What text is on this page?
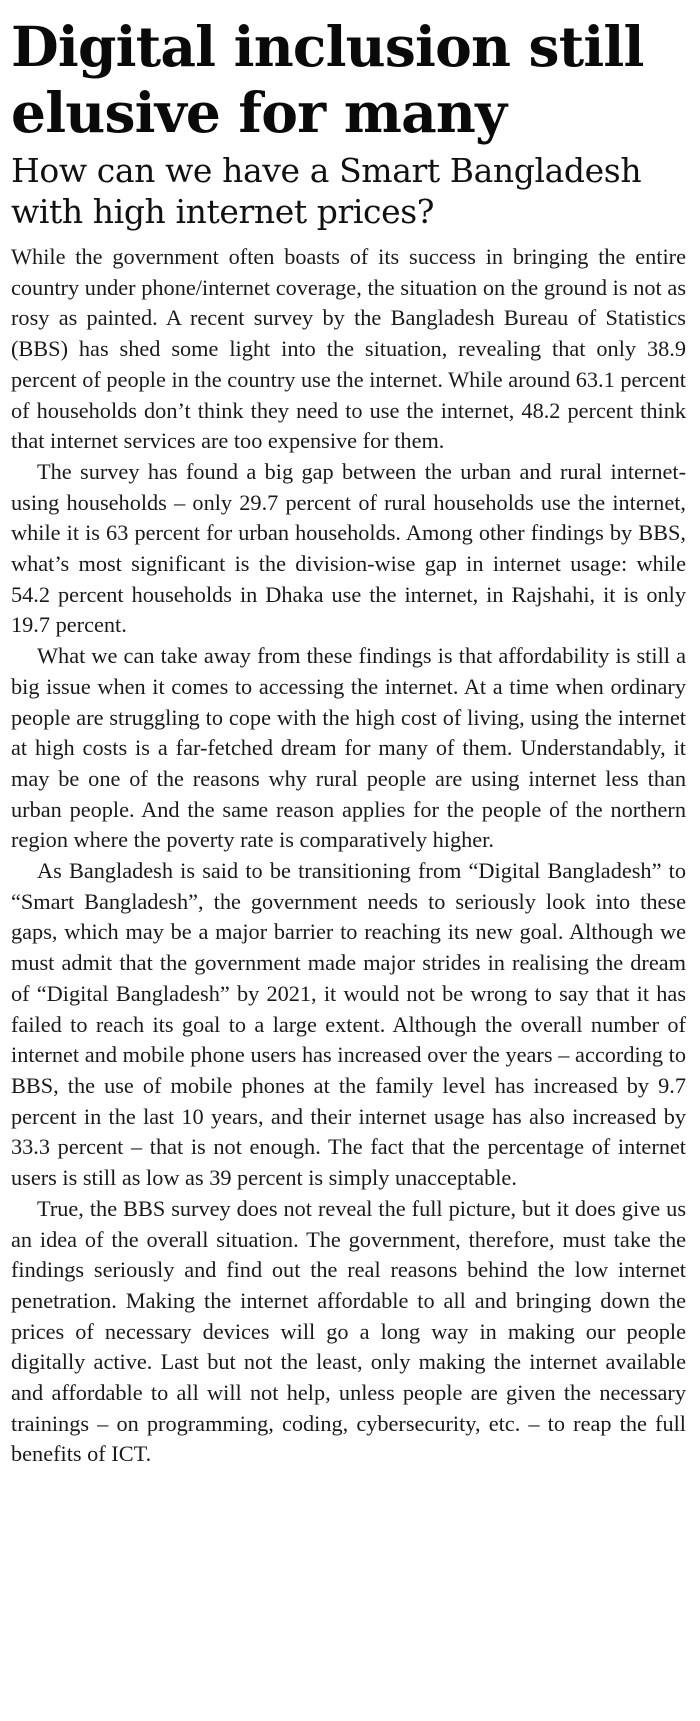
Digital inclusion still elusive for many
How can we have a Smart Bangladesh with high internet prices?

While the government often boasts of its success in bringing the entire country under phone/internet coverage, the situation on the ground is not as rosy as painted. A recent survey by the Bangladesh Bureau of Statistics (BBS) has shed some light into the situation, revealing that only 38.9 percent of people in the country use the internet. While around 63.1 percent of households don’t think they need to use the internet, 48.2 percent think that internet services are too expensive for them.

The survey has found a big gap between the urban and rural internet-using households – only 29.7 percent of rural households use the internet, while it is 63 percent for urban households. Among other findings by BBS, what’s most significant is the division-wise gap in internet usage: while 54.2 percent households in Dhaka use the internet, in Rajshahi, it is only 19.7 percent.

What we can take away from these findings is that affordability is still a big issue when it comes to accessing the internet. At a time when ordinary people are struggling to cope with the high cost of living, using the internet at high costs is a far-fetched dream for many of them. Understandably, it may be one of the reasons why rural people are using internet less than urban people. And the same reason applies for the people of the northern region where the poverty rate is comparatively higher.

As Bangladesh is said to be transitioning from “Digital Bangladesh” to “Smart Bangladesh”, the government needs to seriously look into these gaps, which may be a major barrier to reaching its new goal. Although we must admit that the government made major strides in realising the dream of “Digital Bangladesh” by 2021, it would not be wrong to say that it has failed to reach its goal to a large extent. Although the overall number of internet and mobile phone users has increased over the years – according to BBS, the use of mobile phones at the family level has increased by 9.7 percent in the last 10 years, and their internet usage has also increased by 33.3 percent – that is not enough. The fact that the percentage of internet users is still as low as 39 percent is simply unacceptable.

True, the BBS survey does not reveal the full picture, but it does give us an idea of the overall situation. The government, therefore, must take the findings seriously and find out the real reasons behind the low internet penetration. Making the internet affordable to all and bringing down the prices of necessary devices will go a long way in making our people digitally active. Last but not the least, only making the internet available and affordable to all will not help, unless people are given the necessary trainings – on programming, coding, cybersecurity, etc. – to reap the full benefits of ICT.
